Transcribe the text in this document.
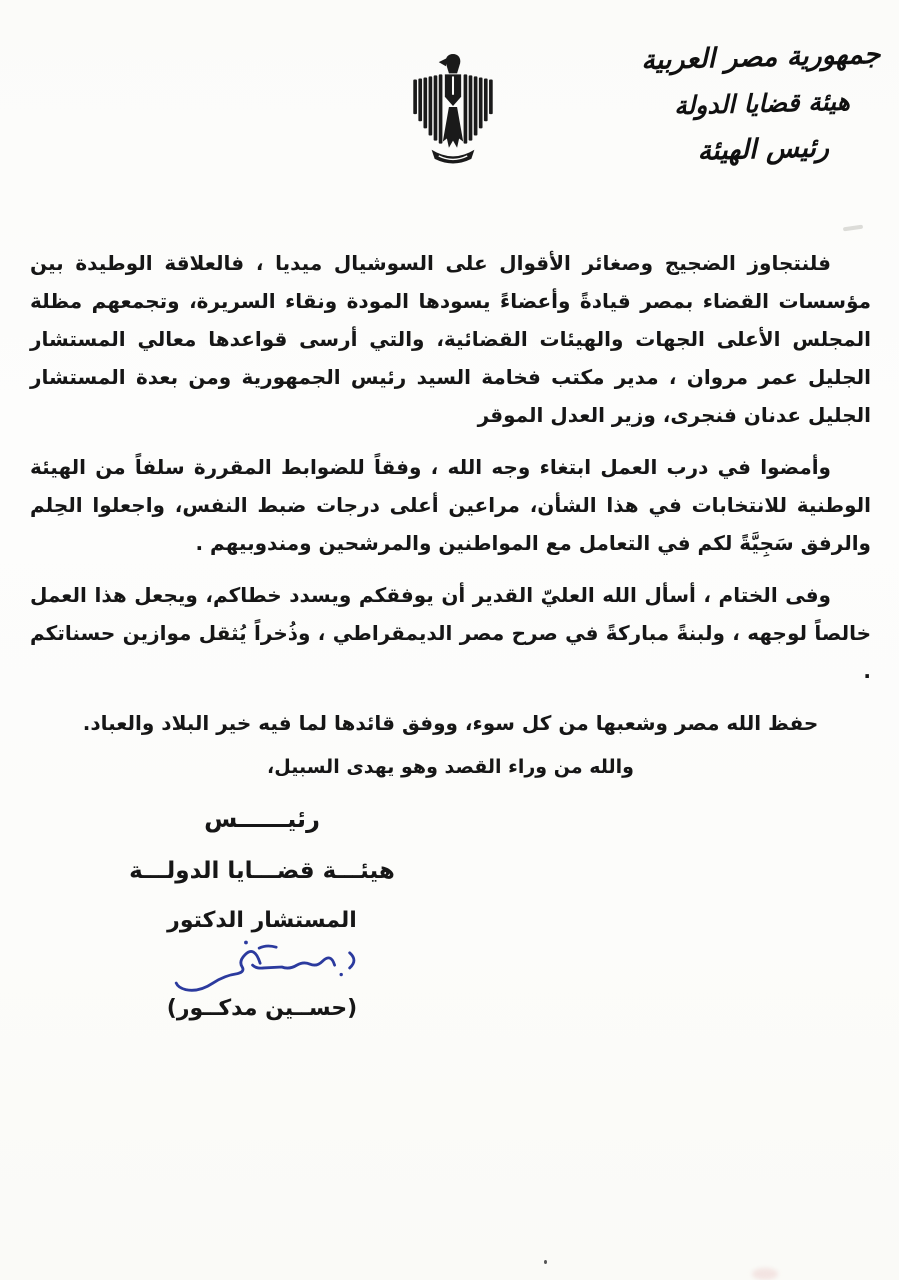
جمهورية مصر العربية
هيئة قضايا الدولة
رئيس الهيئة

فلنتجاوز الضجيج وصغائر الأقوال على السوشيال ميديا ، فالعلاقة الوطيدة بين مؤسسات القضاء بمصر قيادةً وأعضاءً يسودها المودة ونقاء السريرة، وتجمعهم مظلة المجلس الأعلى الجهات والهيئات القضائية، والتي أرسى قواعدها معالي المستشار الجليل عمر مروان ، مدير مكتب فخامة السيد رئيس الجمهورية ومن بعدة المستشار الجليل عدنان فنجرى، وزير العدل الموقر

وأمضوا في درب العمل ابتغاء وجه الله ، وفقاً للضوابط المقررة سلفاً من الهيئة الوطنية للانتخابات في هذا الشأن، مراعين أعلى درجات ضبط النفس، واجعلوا الحِلم والرفق سَجِيَّةً لكم في التعامل مع المواطنين والمرشحين ومندوبيهم .

وفى الختام ، أسأل الله العليّ القدير أن يوفقكم ويسدد خطاكم، ويجعل هذا العمل خالصاً لوجهه ، ولبنةً مباركةً في صرح مصر الديمقراطي ، وذُخراً يُثقل موازين حسناتكم .

حفظ الله مصر وشعبها من كل سوء، ووفق قائدها لما فيه خير البلاد والعباد.

والله من وراء القصد وهو يهدى السبيل،

رئيــــــس
هيئـــة قضـــايا الدولـــة
المستشار الدكتور
(حســين مدكــور)
